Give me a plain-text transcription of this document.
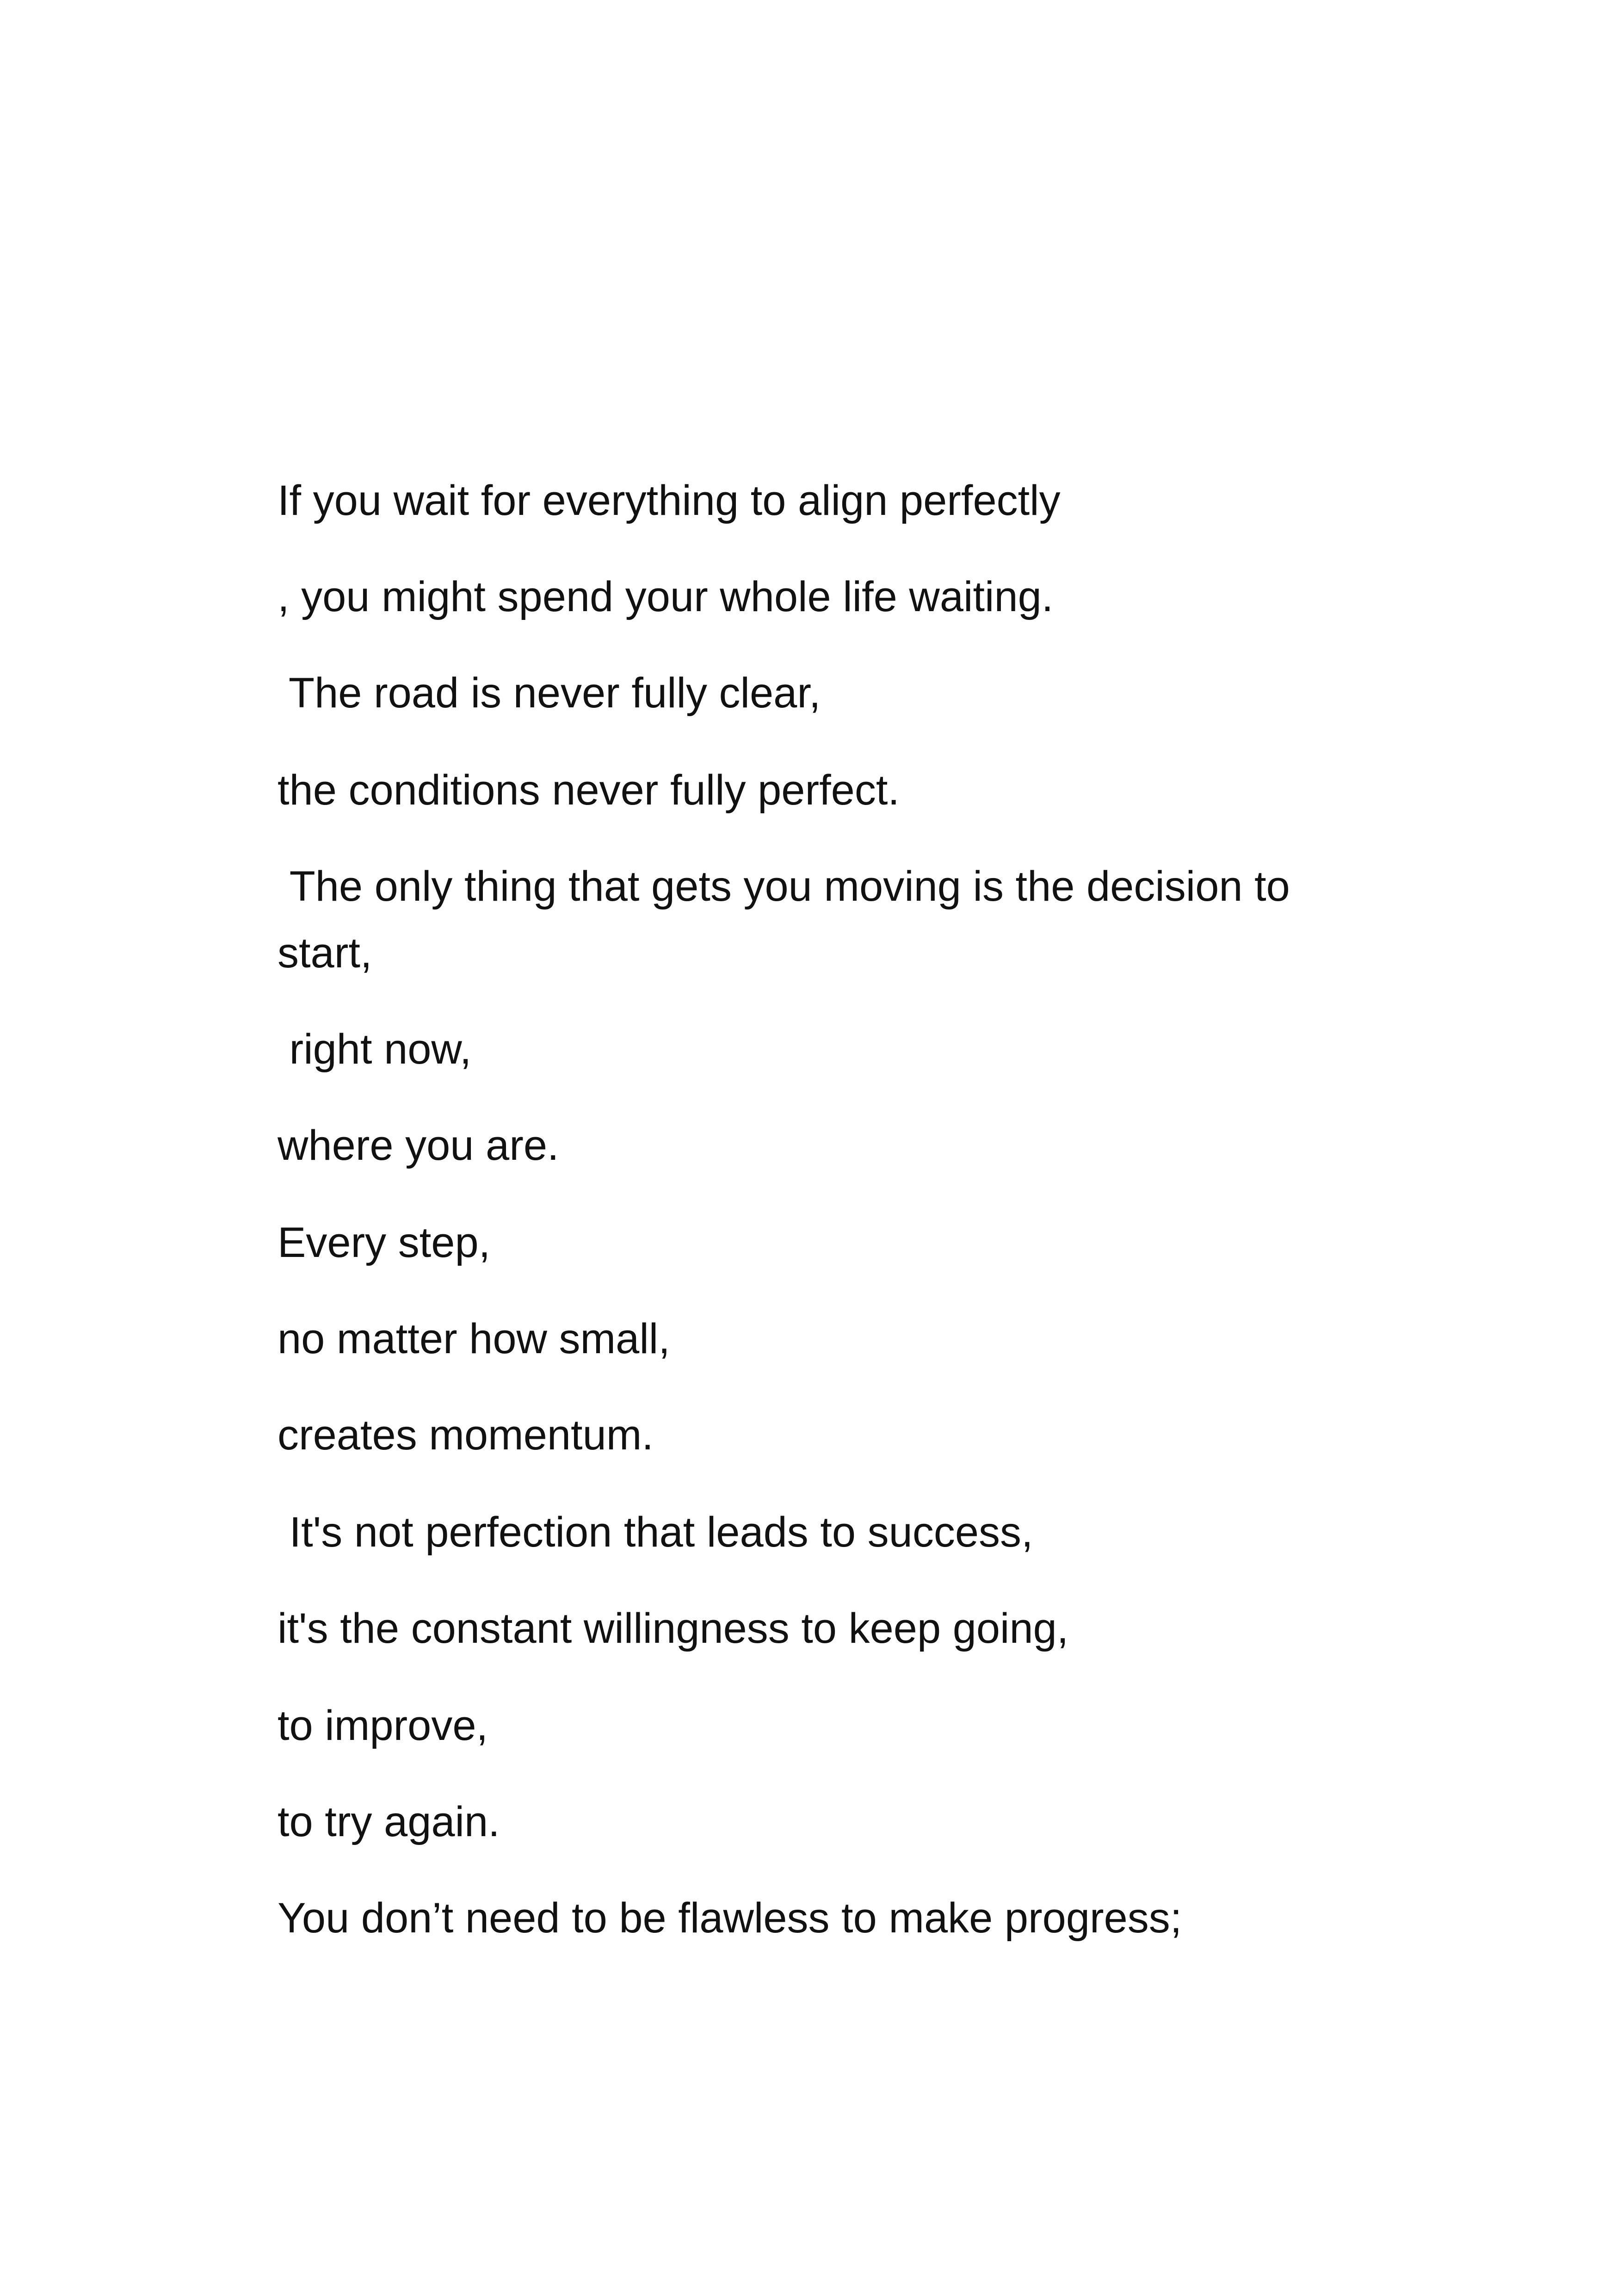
If you wait for everything to align perfectly

, you might spend your whole life waiting.

The road is never fully clear,

the conditions never fully perfect.

The only thing that gets you moving is the decision to
start,

right now,

where you are.

Every step,

no matter how small,

creates momentum.

It's not perfection that leads to success,

it's the constant willingness to keep going,

to improve,

to try again.

You don’t need to be flawless to make progress;
